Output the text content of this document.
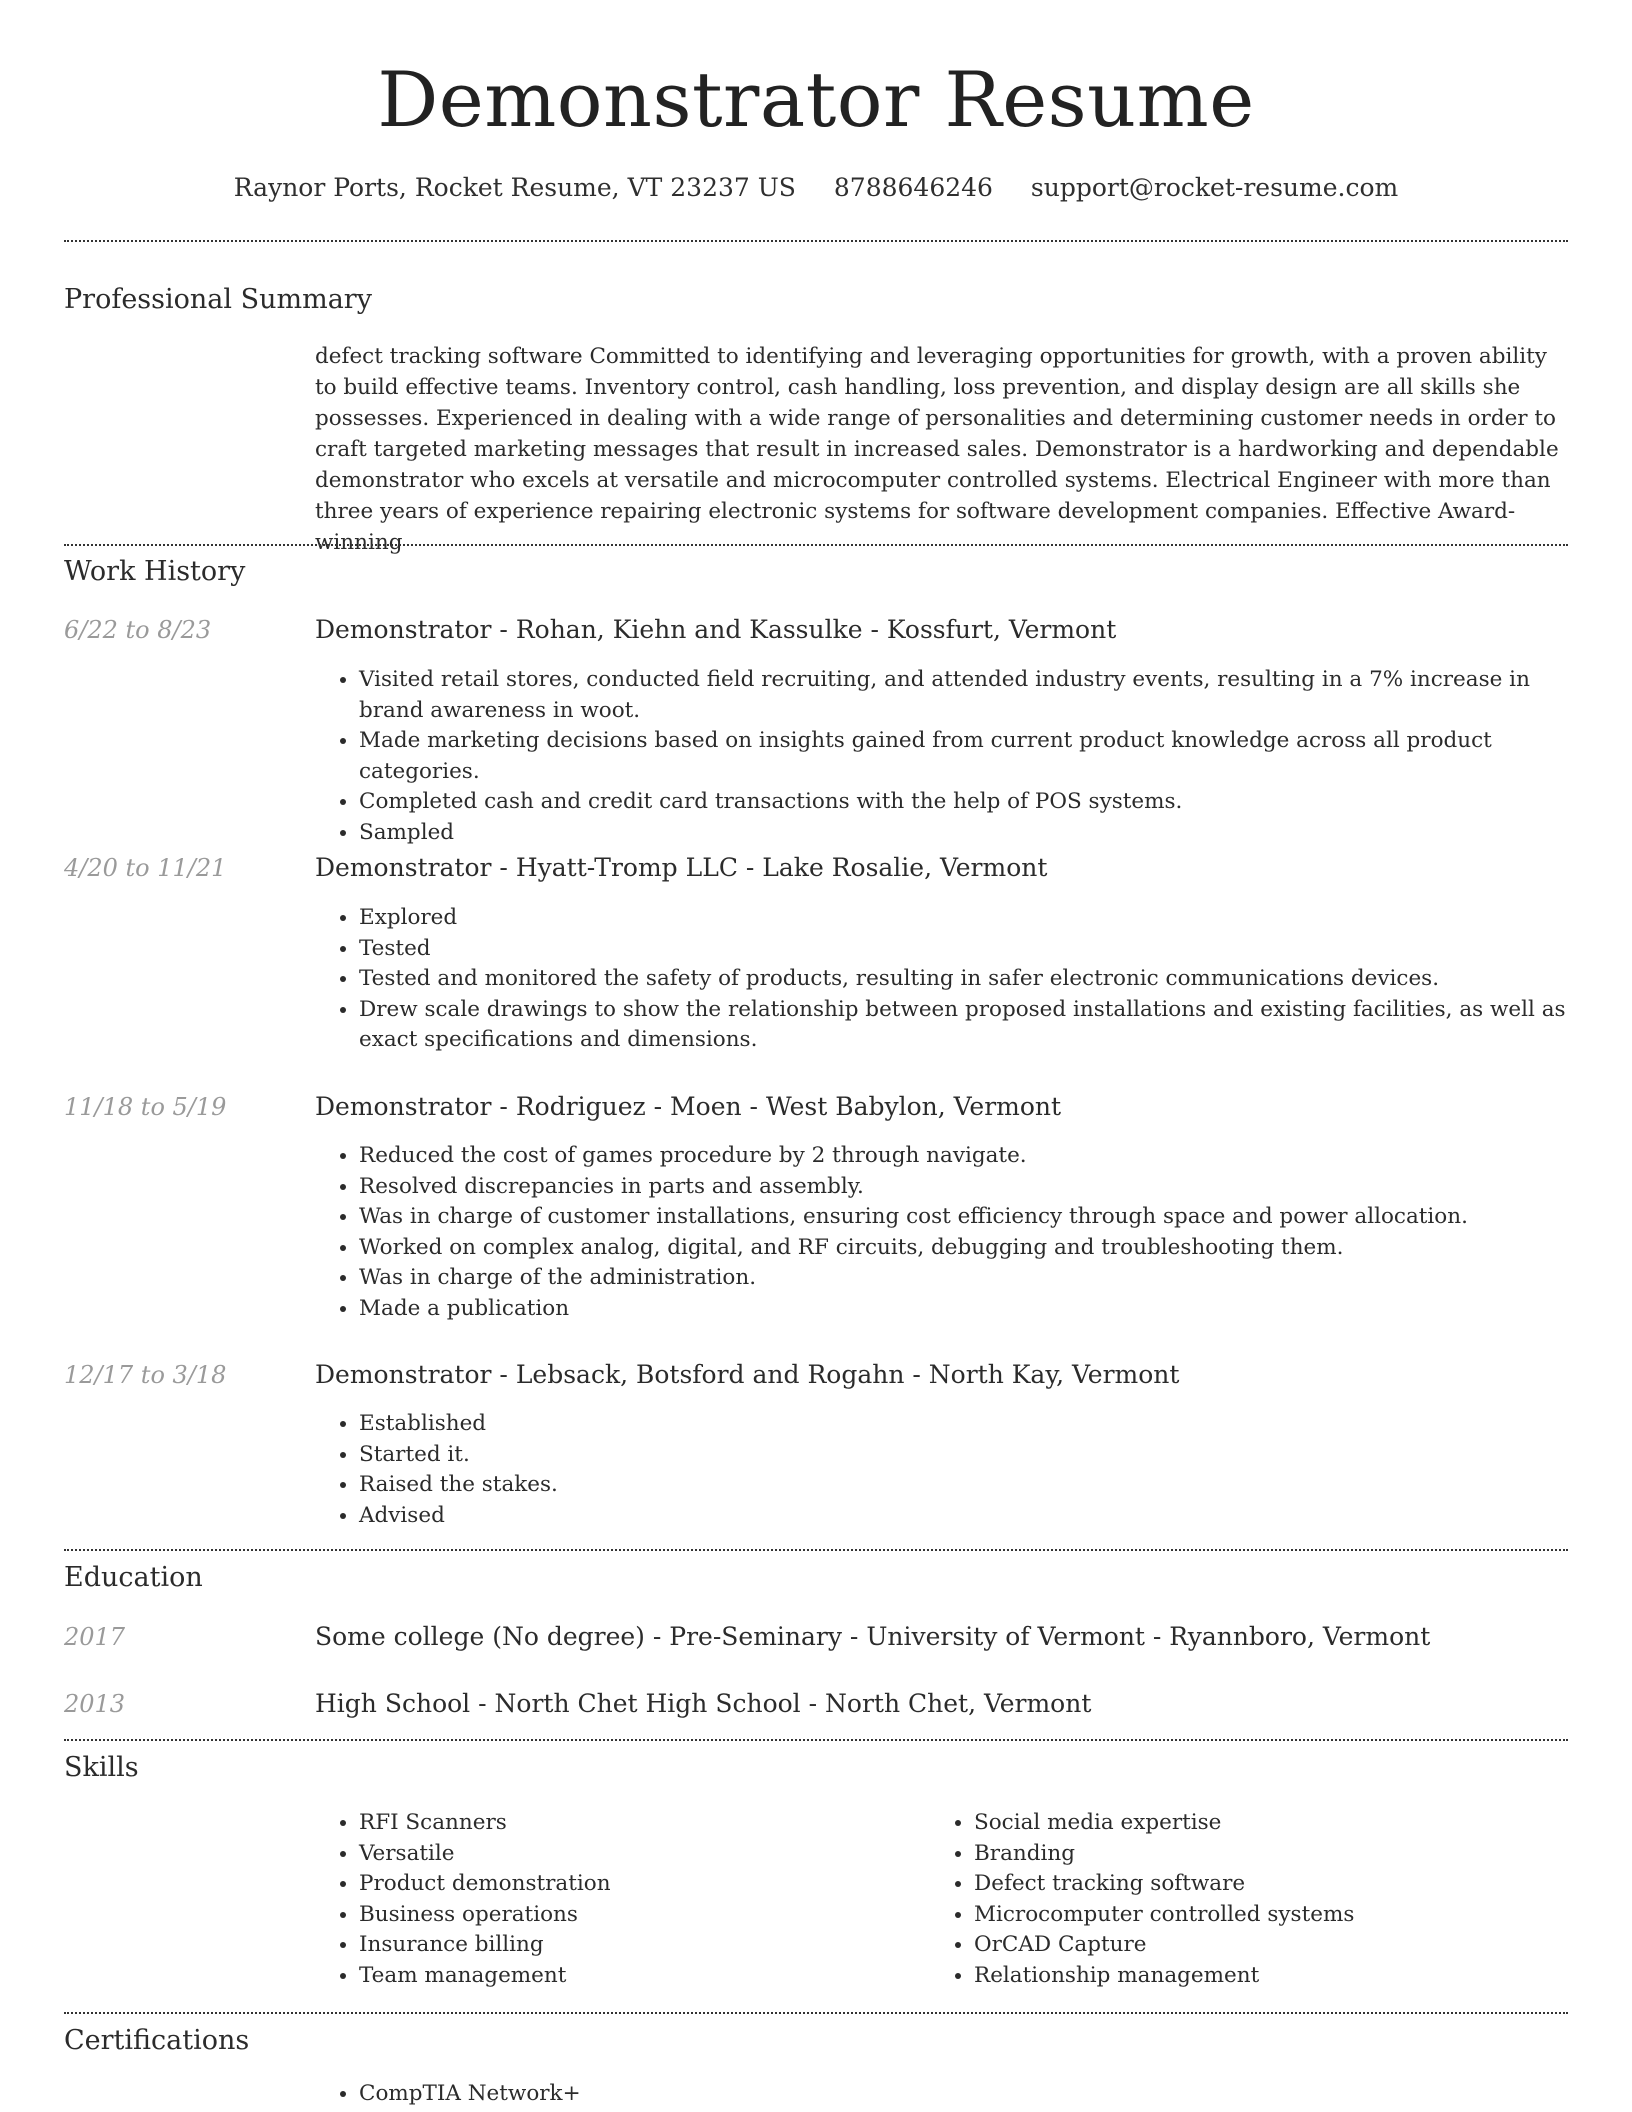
Demonstrator Resume
Raynor Ports, Rocket Resume, VT 23237 US 8788646246 support@rocket-resume.com
Professional Summary

defect tracking software Committed to identifying and leveraging opportunities for growth, with a proven ability to build effective teams. Inventory control, cash handling, loss prevention, and display design are all skills she possesses. Experienced in dealing with a wide range of personalities and determining customer needs in order to craft targeted marketing messages that result in increased sales. Demonstrator is a hardworking and dependable demonstrator who excels at versatile and microcomputer controlled systems. Electrical Engineer with more than three years of experience repairing electronic systems for software development companies. Effective Award-winning

Work History
6/22 to 8/23	Demonstrator - Rohan, Kiehn and Kassulke - Kossfurt, Vermont
• Visited retail stores, conducted field recruiting, and attended industry events, resulting in a 7% increase in brand awareness in woot.
• Made marketing decisions based on insights gained from current product knowledge across all product categories.
• Completed cash and credit card transactions with the help of POS systems.
• Sampled
4/20 to 11/21	Demonstrator - Hyatt-Tromp LLC - Lake Rosalie, Vermont
• Explored
• Tested
• Tested and monitored the safety of products, resulting in safer electronic communications devices.
• Drew scale drawings to show the relationship between proposed installations and existing facilities, as well as exact specifications and dimensions.
11/18 to 5/19	Demonstrator - Rodriguez - Moen - West Babylon, Vermont
• Reduced the cost of games procedure by 2 through navigate.
• Resolved discrepancies in parts and assembly.
• Was in charge of customer installations, ensuring cost efficiency through space and power allocation.
• Worked on complex analog, digital, and RF circuits, debugging and troubleshooting them.
• Was in charge of the administration.
• Made a publication
12/17 to 3/18	Demonstrator - Lebsack, Botsford and Rogahn - North Kay, Vermont
• Established
• Started it.
• Raised the stakes.
• Advised
Education
2017	Some college (No degree) - Pre-Seminary - University of Vermont - Ryannboro, Vermont
2013	High School - North Chet High School - North Chet, Vermont
Skills
• RFI Scanners
• Versatile
• Product demonstration
• Business operations
• Insurance billing
• Team management
• Social media expertise
• Branding
• Defect tracking software
• Microcomputer controlled systems
• OrCAD Capture
• Relationship management
Certifications
• CompTIA Network+
